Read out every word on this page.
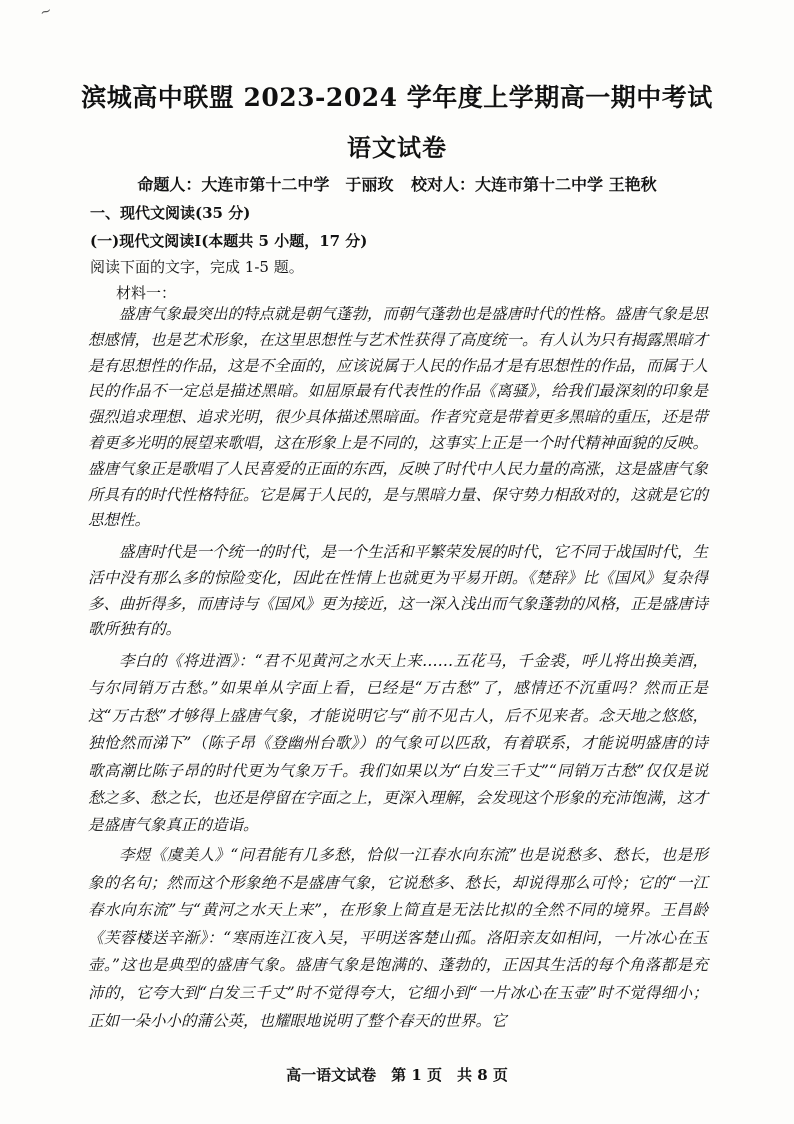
~
滨城高中联盟 2023-2024 学年度上学期高一期中考试
语文试卷
命题人：大连市第十二中学　于丽玫 校对人：大连市第十二中学 王艳秋
一、现代文阅读(35 分)
(一)现代文阅读Ⅰ(本题共 5 小题，17 分)
阅读下面的文字，完成 1-5 题。
材料一：

盛唐气象最突出的特点就是朝气蓬勃，而朝气蓬勃也是盛唐时代的性格。盛唐气象是思想感情，也是艺术形象，在这里思想性与艺术性获得了高度统一。有人认为只有揭露黑暗才是有思想性的作品，这是不全面的，应该说属于人民的作品才是有思想性的作品，而属于人民的作品不一定总是描述黑暗。如屈原最有代表性的作品《离骚》，给我们最深刻的印象是强烈追求理想、追求光明，很少具体描述黑暗面。作者究竟是带着更多黑暗的重压，还是带着更多光明的展望来歌唱，这在形象上是不同的，这事实上正是一个时代精神面貌的反映。盛唐气象正是歌唱了人民喜爱的正面的东西，反映了时代中人民力量的高涨，这是盛唐气象所具有的时代性格特征。它是属于人民的，是与黑暗力量、保守势力相敌对的，这就是它的思想性。

盛唐时代是一个统一的时代，是一个生活和平繁荣发展的时代，它不同于战国时代，生活中没有那么多的惊险变化，因此在性情上也就更为平易开朗。《楚辞》比《国风》复杂得多、曲折得多，而唐诗与《国风》更为接近，这一深入浅出而气象蓬勃的风格，正是盛唐诗歌所独有的。

李白的《将进酒》：“君不见黄河之水天上来……五花马，千金裘，呼儿将出换美酒，与尔同销万古愁。”如果单从字面上看，已经是“万古愁”了，感情还不沉重吗？然而正是这“万古愁”才够得上盛唐气象，才能说明它与“前不见古人，后不见来者。念天地之悠悠，独怆然而涕下”（陈子昂《登幽州台歌》）的气象可以匹敌，有着联系，才能说明盛唐的诗歌高潮比陈子昂的时代更为气象万千。我们如果以为“白发三千丈”“同销万古愁”仅仅是说愁之多、愁之长，也还是停留在字面之上，更深入理解，会发现这个形象的充沛饱满，这才是盛唐气象真正的造诣。

李煜《虞美人》“问君能有几多愁，恰似一江春水向东流”也是说愁多、愁长，也是形象的名句；然而这个形象绝不是盛唐气象，它说愁多、愁长，却说得那么可怜；它的“一江春水向东流”与“黄河之水天上来”，在形象上简直是无法比拟的全然不同的境界。王昌龄《芙蓉楼送辛渐》：“寒雨连江夜入吴，平明送客楚山孤。洛阳亲友如相问，一片冰心在玉壶。”这也是典型的盛唐气象。盛唐气象是饱满的、蓬勃的，正因其生活的每个角落都是充沛的，它夸大到“白发三千丈”时不觉得夸大，它细小到“一片冰心在玉壶”时不觉得细小；正如一朵小小的蒲公英，也耀眼地说明了整个春天的世界。它

高一语文试卷　第 1 页　共 8 页
